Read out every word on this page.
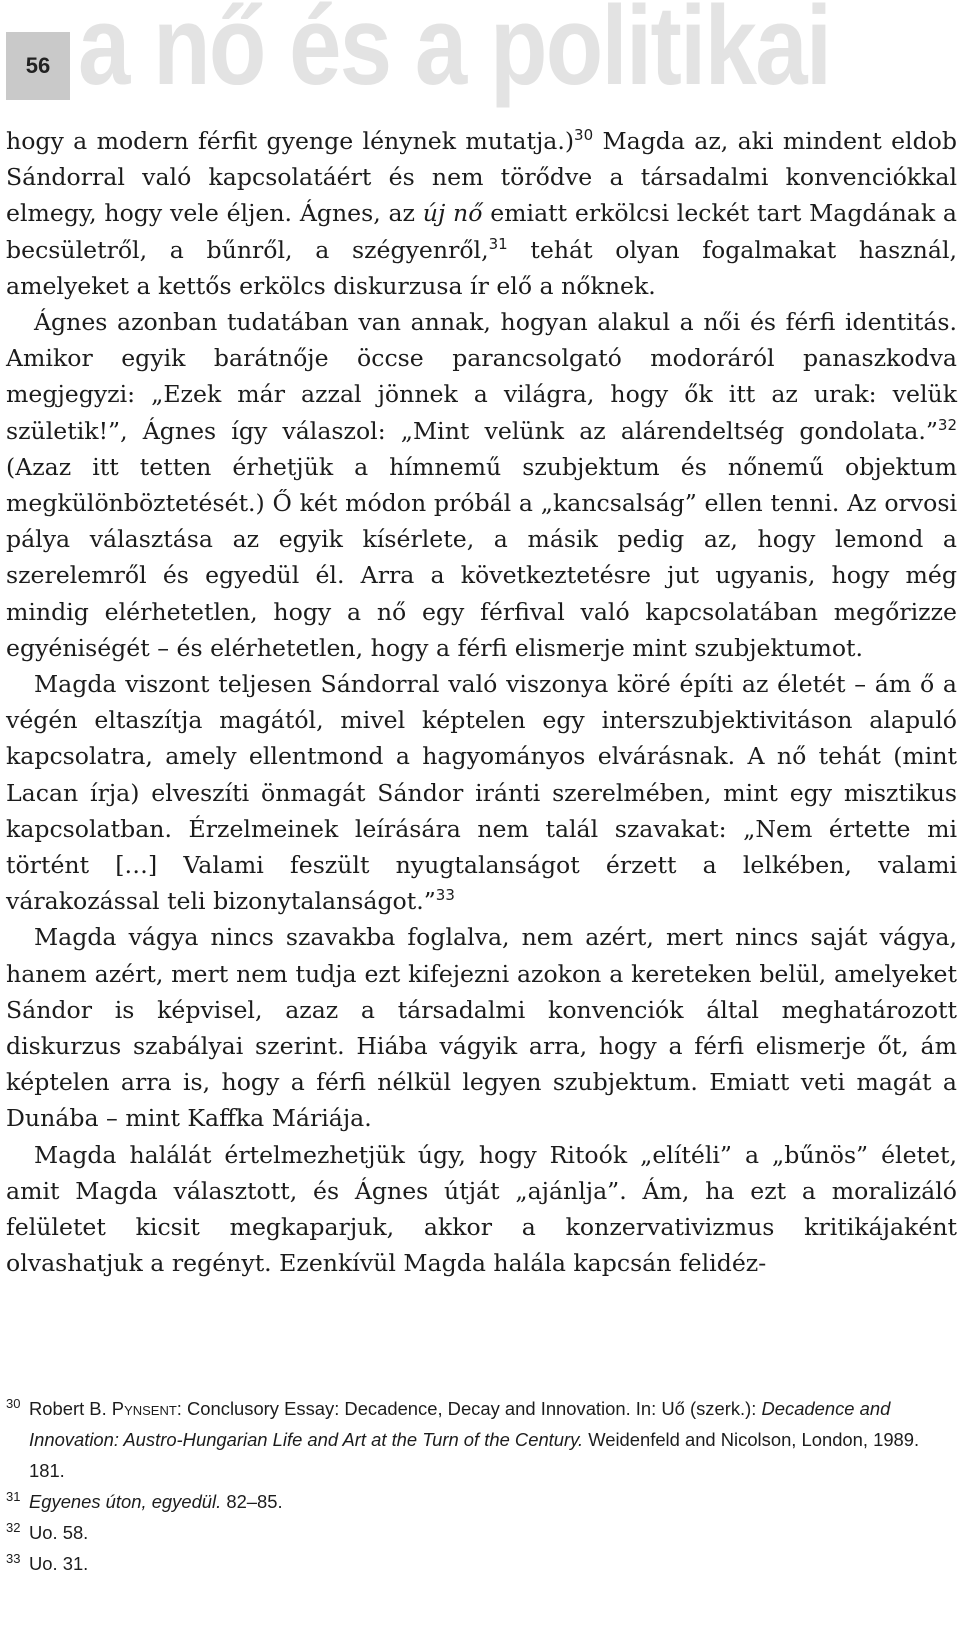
a nő és a politikai
56

hogy a modern férfit gyenge lénynek mutatja.)$^{30}$ Magda az, aki mindent eldob Sándorral való kapcsolatáért és nem törődve a társadalmi konvenciókkal elmegy, hogy vele éljen. Ágnes, az új nő emiatt erkölcsi leckét tart Magdának a becsületről, a bűnről, a szégyenről,$^{31}$ tehát olyan fogalmakat használ, amelyeket a kettős erkölcs diskurzusa ír elő a nőknek.

Ágnes azonban tudatában van annak, hogyan alakul a női és férfi identitás. Amikor egyik barátnője öccse parancsolgató modoráról panaszkodva megjegyzi: „Ezek már azzal jönnek a világra, hogy ők itt az urak: velük születik!”, Ágnes így válaszol: „Mint velünk az alárendeltség gondolata.”$^{32}$ (Azaz itt tetten érhetjük a hímnemű szubjektum és nőnemű objektum megkülönböztetését.) Ő két módon próbál a „kancsalság” ellen tenni. Az orvosi pálya választása az egyik kísérlete, a másik pedig az, hogy lemond a szerelemről és egyedül él. Arra a következtetésre jut ugyanis, hogy még mindig elérhetetlen, hogy a nő egy férfival való kapcsolatában megőrizze egyéniségét – és elérhetetlen, hogy a férfi elismerje mint szubjektumot.

Magda viszont teljesen Sándorral való viszonya köré építi az életét – ám ő a végén eltaszítja magától, mivel képtelen egy interszubjektivitáson alapuló kapcsolatra, amely ellentmond a hagyományos elvárásnak. A nő tehát (mint Lacan írja) elveszíti önmagát Sándor iránti szerelmében, mint egy misztikus kapcsolatban. Érzelmeinek leírására nem talál szavakat: „Nem értette mi történt […] Valami feszült nyugtalanságot érzett a lelkében, valami várakozással teli bizonytalanságot.”$^{33}$

Magda vágya nincs szavakba foglalva, nem azért, mert nincs saját vágya, hanem azért, mert nem tudja ezt kifejezni azokon a kereteken belül, amelyeket Sándor is képvisel, azaz a társadalmi konvenciók által meghatározott diskurzus szabályai szerint. Hiába vágyik arra, hogy a férfi elismerje őt, ám képtelen arra is, hogy a férfi nélkül legyen szubjektum. Emiatt veti magát a Dunába – mint Kaffka Máriája.

Magda halálát értelmezhetjük úgy, hogy Ritoók „elítéli” a „bűnös” életet, amit Magda választott, és Ágnes útját „ajánlja”. Ám, ha ezt a moralizáló felületet kicsit megkaparjuk, akkor a konzervativizmus kritikájaként olvashatjuk a regényt. Ezenkívül Magda halála kapcsán felidéz-

30 Robert B. Pynsent: Conclusory Essay: Decadence, Decay and Innovation. In: Uő (szerk.): Decadence and Innovation: Austro-Hungarian Life and Art at the Turn of the Century. Weidenfeld and Nicolson, London, 1989. 181.
31 Egyenes úton, egyedül. 82–85.
32 Uo. 58.
33 Uo. 31.
